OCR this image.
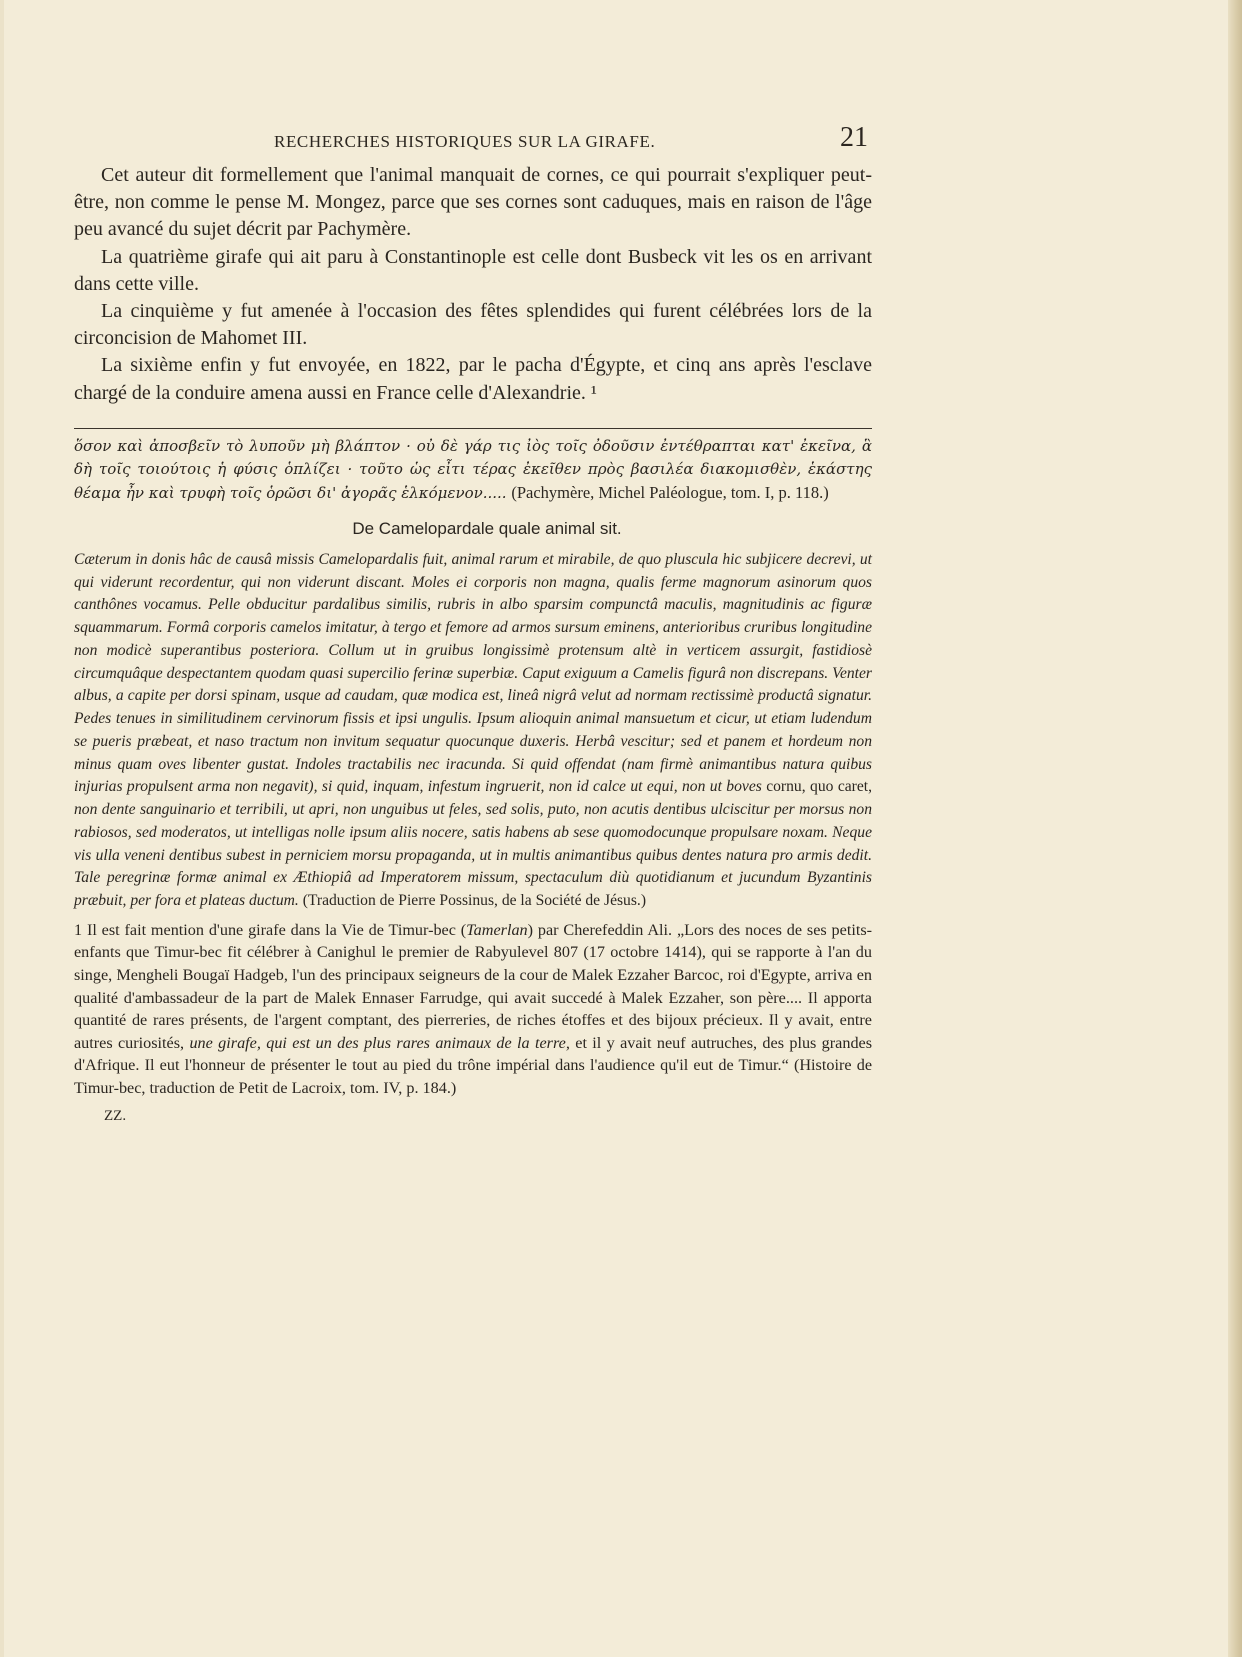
RECHERCHES HISTORIQUES SUR LA GIRAFE.	21

Cet auteur dit formellement que l'animal manquait de cornes, ce qui pourrait s'expliquer peut-être, non comme le pense M. Mongez, parce que ses cornes sont caduques, mais en raison de l'âge peu avancé du sujet décrit par Pachymère.

La quatrième girafe qui ait paru à Constantinople est celle dont Busbeck vit les os en arrivant dans cette ville.

La cinquième y fut amenée à l'occasion des fêtes splendides qui furent célébrées lors de la circoncision de Mahomet III.

La sixième enfin y fut envoyée, en 1822, par le pacha d'Égypte, et cinq ans après l'esclave chargé de la conduire amena aussi en France celle d'Alexandrie. ¹

ὅσον καὶ ἀποσβεῖν τὸ λυποῦν μὴ βλάπτον · οὐ δὲ γάρ τις ἰὸς τοῖς ὀδοῦσιν ἐντέθραπται κατ' ἐκεῖνα, ἃ δὴ τοῖς τοιούτοις ἡ φύσις ὁπλίζει · τοῦτο ὡς εἶτι τέρας ἐκεῖθεν πρὸς βασιλέα διακομισθὲν, ἑκάστης θέαμα ἦν καὶ τρυφὴ τοῖς ὁρῶσι δι' ἀγορᾶς ἑλκόμενον..... (Pachymère, Michel Paléologue, tom. I, p. 118.)

De Camelopardale quale animal sit.

Cæterum in donis hâc de causâ missis Camelopardalis fuit, animal rarum et mirabile, de quo pluscula hic subjicere decrevi, ut qui viderunt recordentur, qui non viderunt discant. Moles ei corporis non magna, qualis ferme magnorum asinorum quos canthônes vocamus. Pelle obducitur pardalibus similis, rubris in albo sparsim compunctâ maculis, magnitudinis ac figuræ squammarum. Formâ corporis camelos imitatur, à tergo et femore ad armos sursum eminens, anterioribus cruribus longitudine non modicè superantibus posteriora. Collum ut in gruibus longissimè protensum altè in verticem assurgit, fastidiosè circumquâque despectantem quodam quasi supercilio ferinæ superbiæ. Caput exiguum a Camelis figurâ non discrepans. Venter albus, a capite per dorsi spinam, usque ad caudam, quæ modica est, lineâ nigrâ velut ad normam rectissimè productâ signatur. Pedes tenues in similitudinem cervinorum fissis et ipsi ungulis. Ipsum alioquin animal mansuetum et cicur, ut etiam ludendum se pueris præbeat, et naso tractum non invitum sequatur quocunque duxeris. Herbâ vescitur; sed et panem et hordeum non minus quam oves libenter gustat. Indoles tractabilis nec iracunda. Si quid offendat (nam firmè animantibus natura quibus injurias propulsent arma non negavit), si quid, inquam, infestum ingruerit, non id calce ut equi, non ut boves cornu, quo caret, non dente sanguinario et terribili, ut apri, non unguibus ut feles, sed solis, puto, non acutis dentibus ulciscitur per morsus non rabiosos, sed moderatos, ut intelligas nolle ipsum aliis nocere, satis habens ab sese quomodocunque propulsare noxam. Neque vis ulla veneni dentibus subest in perniciem morsu propaganda, ut in multis animantibus quibus dentes natura pro armis dedit. Tale peregrinæ formæ animal ex Æthiopiâ ad Imperatorem missum, spectaculum diù quotidianum et jucundum Byzantinis præbuit, per fora et plateas ductum. (Traduction de Pierre Possinus, de la Société de Jésus.)

1 Il est fait mention d'une girafe dans la Vie de Timur-bec (Tamerlan) par Cherefeddin Ali. „Lors des noces de ses petits-enfants que Timur-bec fit célébrer à Canighul le premier de Rabyulevel 807 (17 octobre 1414), qui se rapporte à l'an du singe, Mengheli Bougaï Hadgeb, l'un des principaux seigneurs de la cour de Malek Ezzaher Barcoc, roi d'Egypte, arriva en qualité d'ambassadeur de la part de Malek Ennaser Farrudge, qui avait succedé à Malek Ezzaher, son père.... Il apporta quantité de rares présents, de l'argent comptant, des pierreries, de riches étoffes et des bijoux précieux. Il y avait, entre autres curiosités, une girafe, qui est un des plus rares animaux de la terre, et il y avait neuf autruches, des plus grandes d'Afrique. Il eut l'honneur de présenter le tout au pied du trône impérial dans l'audience qu'il eut de Timur.“ (Histoire de Timur-bec, traduction de Petit de Lacroix, tom. IV, p. 184.)

ZZ.
